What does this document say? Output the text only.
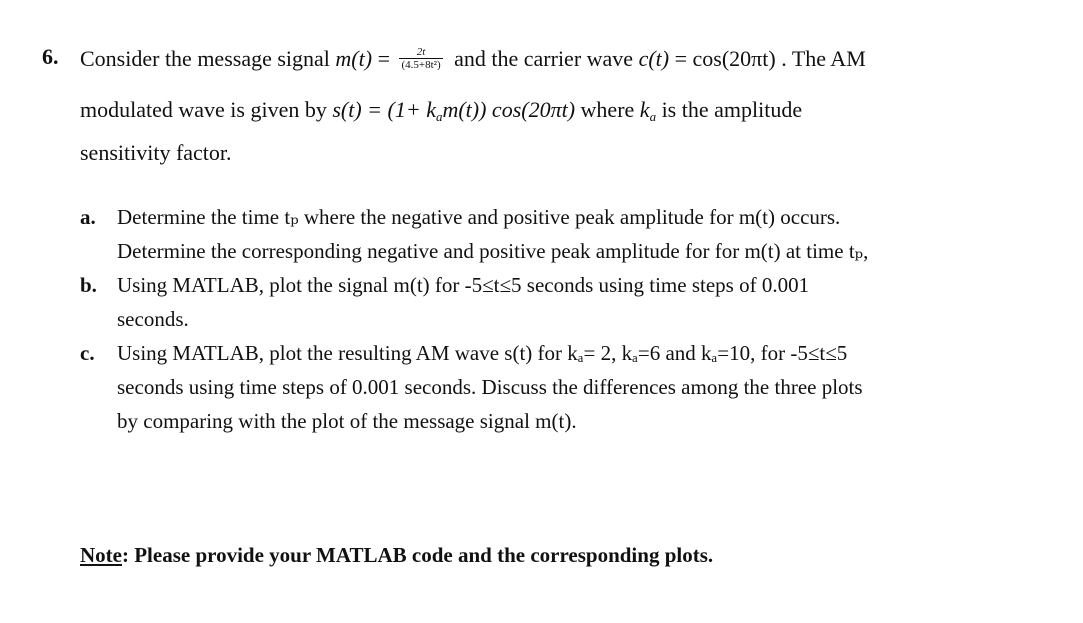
6. Consider the message signal $m(t) = \frac{2t}{\text{(4.5+8t²)}}$ and the carrier wave c(t) = cos(20πt) . The AM
modulated wave is given by $s(t) = (1+ k_am(t))$ cos(20πt) where $k_a$ is the amplitude
sensitivity factor.
a. Determine the time tₚ where the negative and positive peak amplitude for m(t) occurs.
Determine the corresponding negative and positive peak amplitude for for m(t) at time tₚ,
b. Using MATLAB, plot the signal m(t) for -5≤t≤5 seconds using time steps of 0.001
seconds.
c. Using MATLAB, plot the resulting AM wave s(t) for kₐ= 2, kₐ=6 and kₐ=10, for -5≤t≤5
seconds using time steps of 0.001 seconds. Discuss the differences among the three plots
by comparing with the plot of the message signal m(t).
Note: Please provide your MATLAB code and the corresponding plots.
